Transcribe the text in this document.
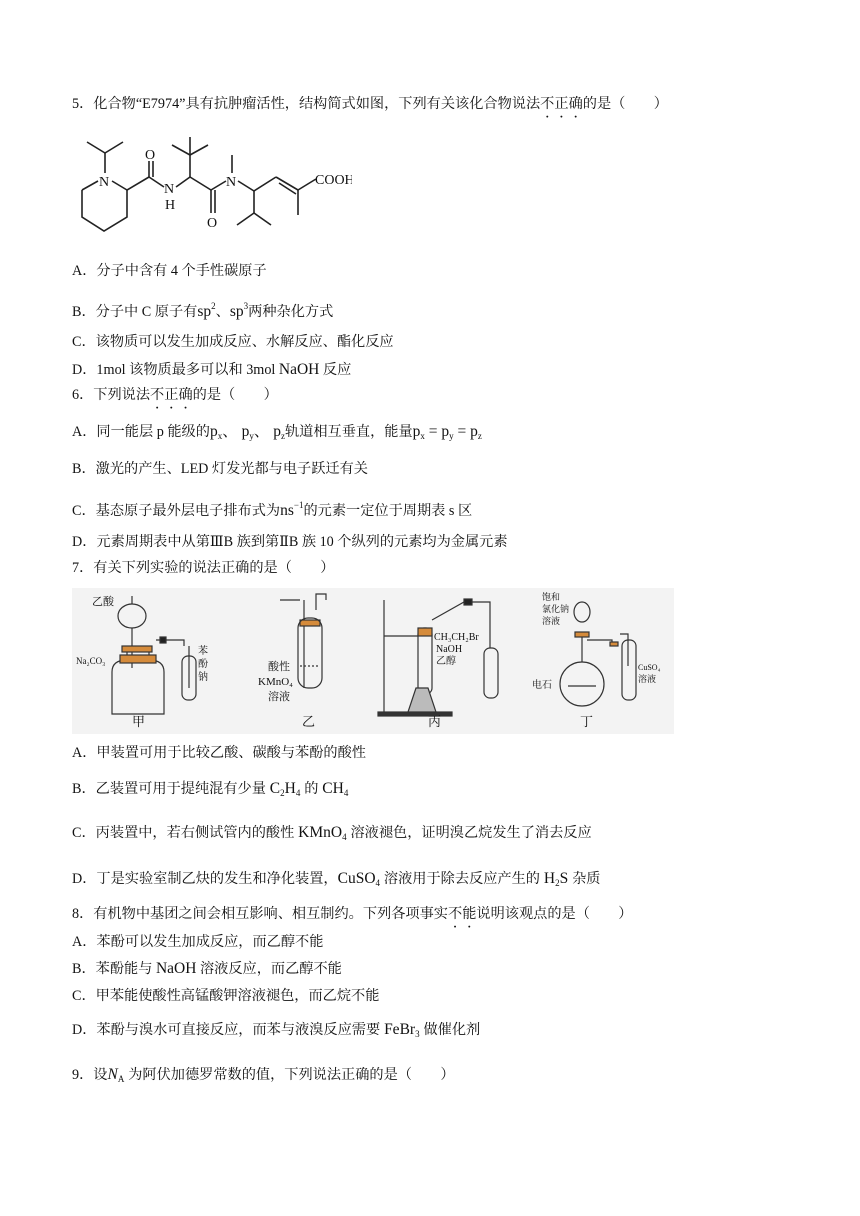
5．化合物“E7974”具有抗肿瘤活性，结构简式如图，下列有关该化合物说法不正确的是（　　）
N	N
H
O
O
N	COOH
A．分子中含有 4 个手性碳原子
B．分子中 C 原子有$sp^2$、$sp^3$两种杂化方式
C．该物质可以发生加成反应、水解反应、酯化反应
D．1mol 该物质最多可以和 3mol NaOH 反应
6．下列说法不正确的是（　　）
A．同一能层 p 能级的$p_x$、 $p_y$、 $p_z$轨道相互垂直，能量$p_x = p_y = p_z$
B．激光的产生、LED 灯发光都与电子跃迁有关
C．基态原子最外层电子排布式为$ns^{-1}$的元素一定位于周期表 s 区
D．元素周期表中从第ⅢB 族到第ⅡB 族 10 个纵列的元素均为金属元素
7．有关下列实验的说法正确的是（　　）
乙酸
Na₂CO₃
苯
酚
钠
甲
酸性
KMnO₄
溶液
乙
CH₃CH₂Br
NaOH
乙醇
丙
饱和
氯化钠
溶液
CuSO₄
溶液
电石
丁
A．甲装置可用于比较乙酸、碳酸与苯酚的酸性
B．乙装置可用于提纯混有少量 $C_2H_4$ 的 $CH_4$
C．丙装置中，若右侧试管内的酸性 KMnO$_4$ 溶液褪色，证明溴乙烷发生了消去反应
D．丁是实验室制乙炔的发生和净化装置，CuSO$_4$ 溶液用于除去反应产生的 $H_2S$ 杂质
8．有机物中基团之间会相互影响、相互制约。下列各项事实不能说明该观点的是（　　）
A．苯酚可以发生加成反应，而乙醇不能
B．苯酚能与 NaOH 溶液反应，而乙醇不能
C．甲苯能使酸性高锰酸钾溶液褪色，而乙烷不能
D．苯酚与溴水可直接反应，而苯与液溴反应需要 FeBr$_3$ 做催化剂
9．设$N_A$ 为阿伏加德罗常数的值，下列说法正确的是（　　）
